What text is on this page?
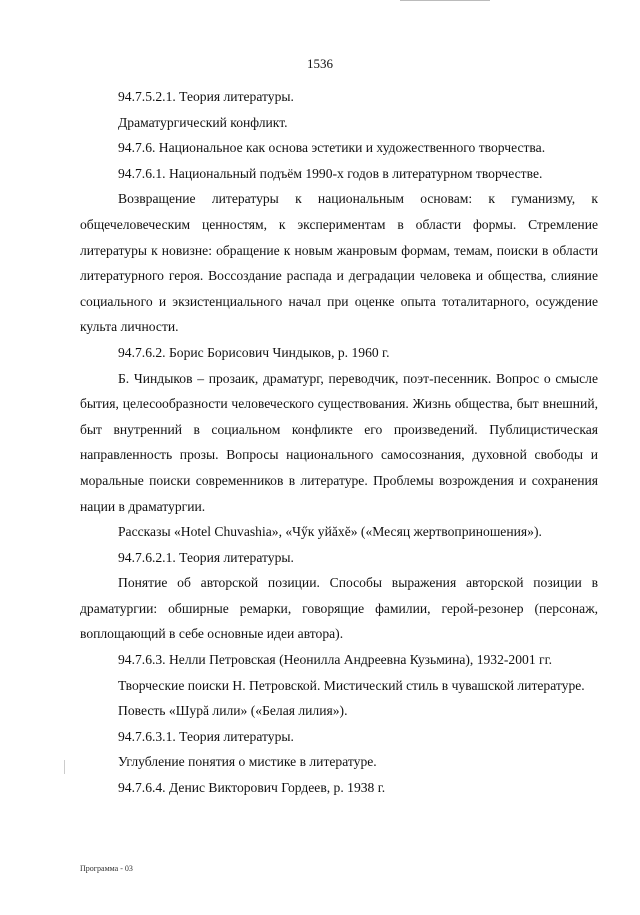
1536

94.7.5.2.1. Теория литературы.

Драматургический конфликт.

94.7.6. Национальное как основа эстетики и художественного творчества.

94.7.6.1. Национальный подъём 1990-х годов в литературном творчестве.

Возвращение литературы к национальным основам: к гуманизму, к общечеловеческим ценностям, к экспериментам в области формы. Стремление литературы к новизне: обращение к новым жанровым формам, темам, поиски в области литературного героя. Воссоздание распада и деградации человека и общества, слияние социального и экзистенциального начал при оценке опыта тоталитарного, осуждение культа личности.

94.7.6.2. Борис Борисович Чиндыков, р. 1960 г.

Б. Чиндыков – прозаик, драматург, переводчик, поэт-песенник. Вопрос о смысле бытия, целесообразности человеческого существования. Жизнь общества, быт внешний, быт внутренний в социальном конфликте его произведений. Публицистическая направленность прозы. Вопросы национального самосознания, духовной свободы и моральные поиски современников в литературе. Проблемы возрождения и сохранения нации в драматургии.

Рассказы «Hotel Chuvashia», «Чӳк уйăхĕ» («Месяц жертвоприношения»).

94.7.6.2.1. Теория литературы.

Понятие об авторской позиции. Способы выражения авторской позиции в драматургии: обширные ремарки, говорящие фамилии, герой-резонер (персонаж, воплощающий в себе основные идеи автора).

94.7.6.3. Нелли Петровская (Неонилла Андреевна Кузьмина), 1932-2001 гг.

Творческие поиски Н. Петровской. Мистический стиль в чувашской литературе.

Повесть «Шурă лили» («Белая лилия»).

94.7.6.3.1. Теория литературы.

Углубление понятия о мистике в литературе.

94.7.6.4. Денис Викторович Гордеев, р. 1938 г.

Программа - 03
